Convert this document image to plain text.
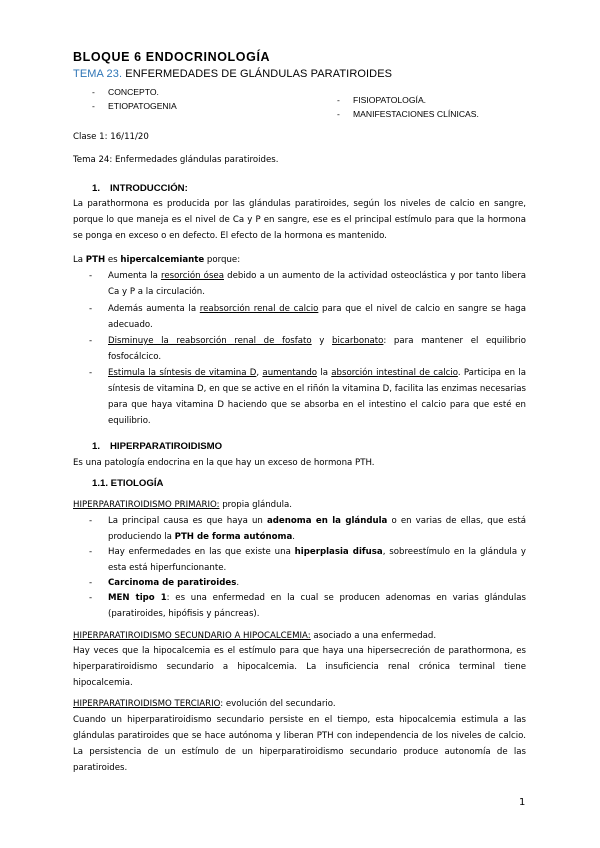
BLOQUE 6 ENDOCRINOLOGÍA
TEMA 23. ENFERMEDADES DE GLÁNDULAS PARATIROIDES
- CONCEPTO.
- ETIOPATOGENIA
- FISIOPATOLOGÍA.
- MANIFESTACIONES CLÍNICAS.
Clase 1: 16/11/20
Tema 24: Enfermedades glándulas paratiroides.
1. INTRODUCCIÓN:
La parathormona es producida por las glándulas paratiroides, según los niveles de calcio en sangre, porque lo que maneja es el nivel de Ca y P en sangre, ese es el principal estímulo para que la hormona se ponga en exceso o en defecto. El efecto de la hormona es mantenido.
La PTH es hipercalcemiante porque:
- Aumenta la resorción ósea debido a un aumento de la actividad osteoclástica y por tanto libera Ca y P a la circulación.
- Además aumenta la reabsorción renal de calcio para que el nivel de calcio en sangre se haga adecuado.
- Disminuye la reabsorción renal de fosfato y bicarbonato: para mantener el equilibrio fosfocálcico.
- Estimula la síntesis de vitamina D, aumentando la absorción intestinal de calcio. Participa en la síntesis de vitamina D, en que se active en el riñón la vitamina D, facilita las enzimas necesarias para que haya vitamina D haciendo que se absorba en el intestino el calcio para que esté en equilibrio.
1. HIPERPARATIROIDISMO
Es una patología endocrina en la que hay un exceso de hormona PTH.
1.1. ETIOLOGÍA
HIPERPARATIROIDISMO PRIMARIO: propia glándula.
- La principal causa es que haya un adenoma en la glándula o en varias de ellas, que está produciendo la PTH de forma autónoma.
- Hay enfermedades en las que existe una hiperplasia difusa, sobreestímulo en la glándula y esta está hiperfuncionante.
- Carcinoma de paratiroides.
- MEN tipo 1: es una enfermedad en la cual se producen adenomas en varias glándulas (paratiroides, hipófisis y páncreas).
HIPERPARATIROIDISMO SECUNDARIO A HIPOCALCEMIA: asociado a una enfermedad.
Hay veces que la hipocalcemia es el estímulo para que haya una hipersecreción de parathormona, es hiperparatiroidismo secundario a hipocalcemia. La insuficiencia renal crónica terminal tiene hipocalcemia.
HIPERPARATIROIDISMO TERCIARIO: evolución del secundario.
Cuando un hiperparatiroidismo secundario persiste en el tiempo, esta hipocalcemia estimula a las glándulas paratiroides que se hace autónoma y liberan PTH con independencia de los niveles de calcio. La persistencia de un estímulo de un hiperparatiroidismo secundario produce autonomía de las paratiroides.
1
